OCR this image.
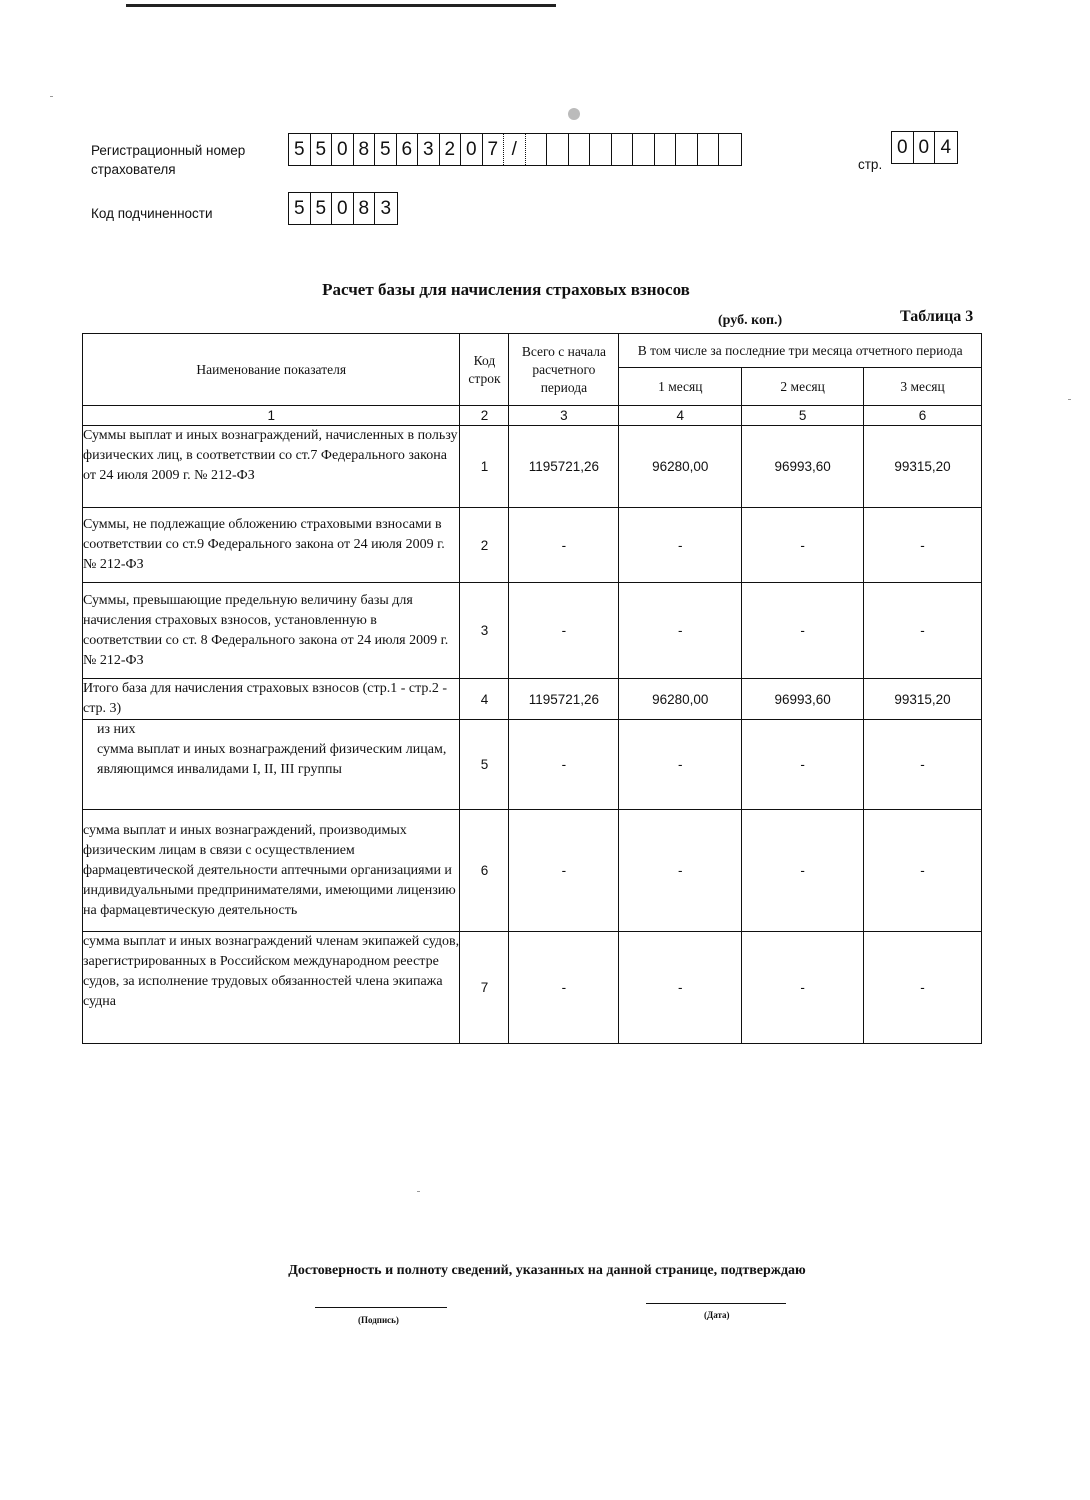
Регистрационный номер
страхователя
5 5 0 8 5 6 3 2 0 7 /
стр.
0 0 4
Код подчиненности	5 5 0 8 3
Расчет базы для начисления страховых взносов
(руб. коп.)	Таблица 3
Наименование показателя	Код строк	Всего с начала расчетного периода	В том числе за последние три месяца отчетного периода		
			1 месяц	2 месяц	3 месяц
1	2	3	4	5	6
Суммы выплат и иных вознаграждений, начисленных в пользу физических лиц, в соответствии со ст.7 Федерального закона от 24 июля 2009 г. № 212-ФЗ	1	1195721,26	96280,00	96993,60	99315,20
Суммы, не подлежащие обложению страховыми взносами в соответствии со ст.9 Федерального закона от 24 июля 2009 г. № 212-ФЗ	2	-	-	-	-
Суммы, превышающие предельную величину базы для начисления страховых взносов, установленную в соответствии со ст. 8 Федерального закона от 24 июля 2009 г. № 212-ФЗ	3	-	-	-	-
Итого база для начисления страховых взносов (стр.1 - стр.2 - стр. 3)	4	1195721,26	96280,00	96993,60	99315,20
из них
сумма выплат и иных вознаграждений физическим лицам, являющимся инвалидами I, II, III группы	5	-	-	-	-
сумма выплат и иных вознаграждений, производимых физическим лицам в связи с осуществлением фармацевтической деятельности аптечными организациями и индивидуальными предпринимателями, имеющими лицензию на фармацевтическую деятельность	6	-	-	-	-
сумма выплат и иных вознаграждений членам экипажей судов, зарегистрированных в Российском международном реестре судов, за исполнение трудовых обязанностей члена экипажа судна	7	-	-	-	-
Достоверность и полноту сведений, указанных на данной странице, подтверждаю
(Подпись)	(Дата)
